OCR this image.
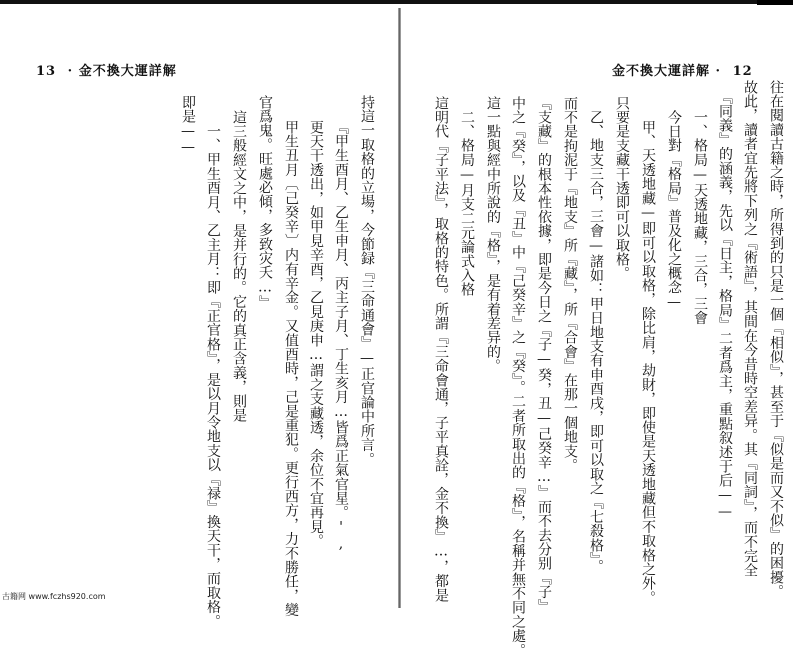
13 · 金不換大運詳解
持這一取格的立場，今節録『三命通會』—正官論中所言。
『甲生酉月、乙生申月、丙主子月、丁生亥月…皆爲正氣官星。',
更天干透出，如甲見辛酉，乙見庚申…謂之支藏透，余位不宜再見。
甲生丑月〔己癸辛〕内有辛金。又值酉時，己是重犯。更行西方，力不勝任，變
官爲鬼。旺處必傾，多致灾夭…』
這三般經文之中，是并行的。它的真正含義，則是
一、甲生酉月、乙主月：即『正官格』，是以月令地支以『禄』換天干，而取格。
即是——
金不換大運詳解 · 12
往在閱讀古籍之時，所得到的只是一個『相似』，甚至于『似是而又不似』的困擾。
故此，讀者宜先將下列之『術語』，其間在今昔時空差异。其『同詞』，而不完全
『同義』的涵義，先以『日主，格局』二者爲主，重點叙述于后——
一、格局—天透地藏，三合，三會
今日對『格局』普及化之概念—
甲、天透地藏—即可以取格，除比肩，劫財，即使是天透地藏但不取格之外。
只要是支藏干透即可以取格。
乙、地支三合，三會—諸如：甲日地支有申酉戌，即可以取之『七殺格』。
而不是拘泥于『地支』所『藏』，所『合會』在那一個地支。
『支藏』的根本性依據，即是今日之『子—癸，丑—己癸辛…』而不去分别『子』
中之『癸』，以及『丑』中『己癸辛』之『癸』。二者所取出的『格』，名稱并無不同之處。
這一點與經中所說的『格』，是有着差异的。
二、格局—月支二元論式入格
這明代『子平法』，取格的特色。所謂『三命會通，子平真詮，金不換』…，都是
古籍网 www.fczhs920.com
